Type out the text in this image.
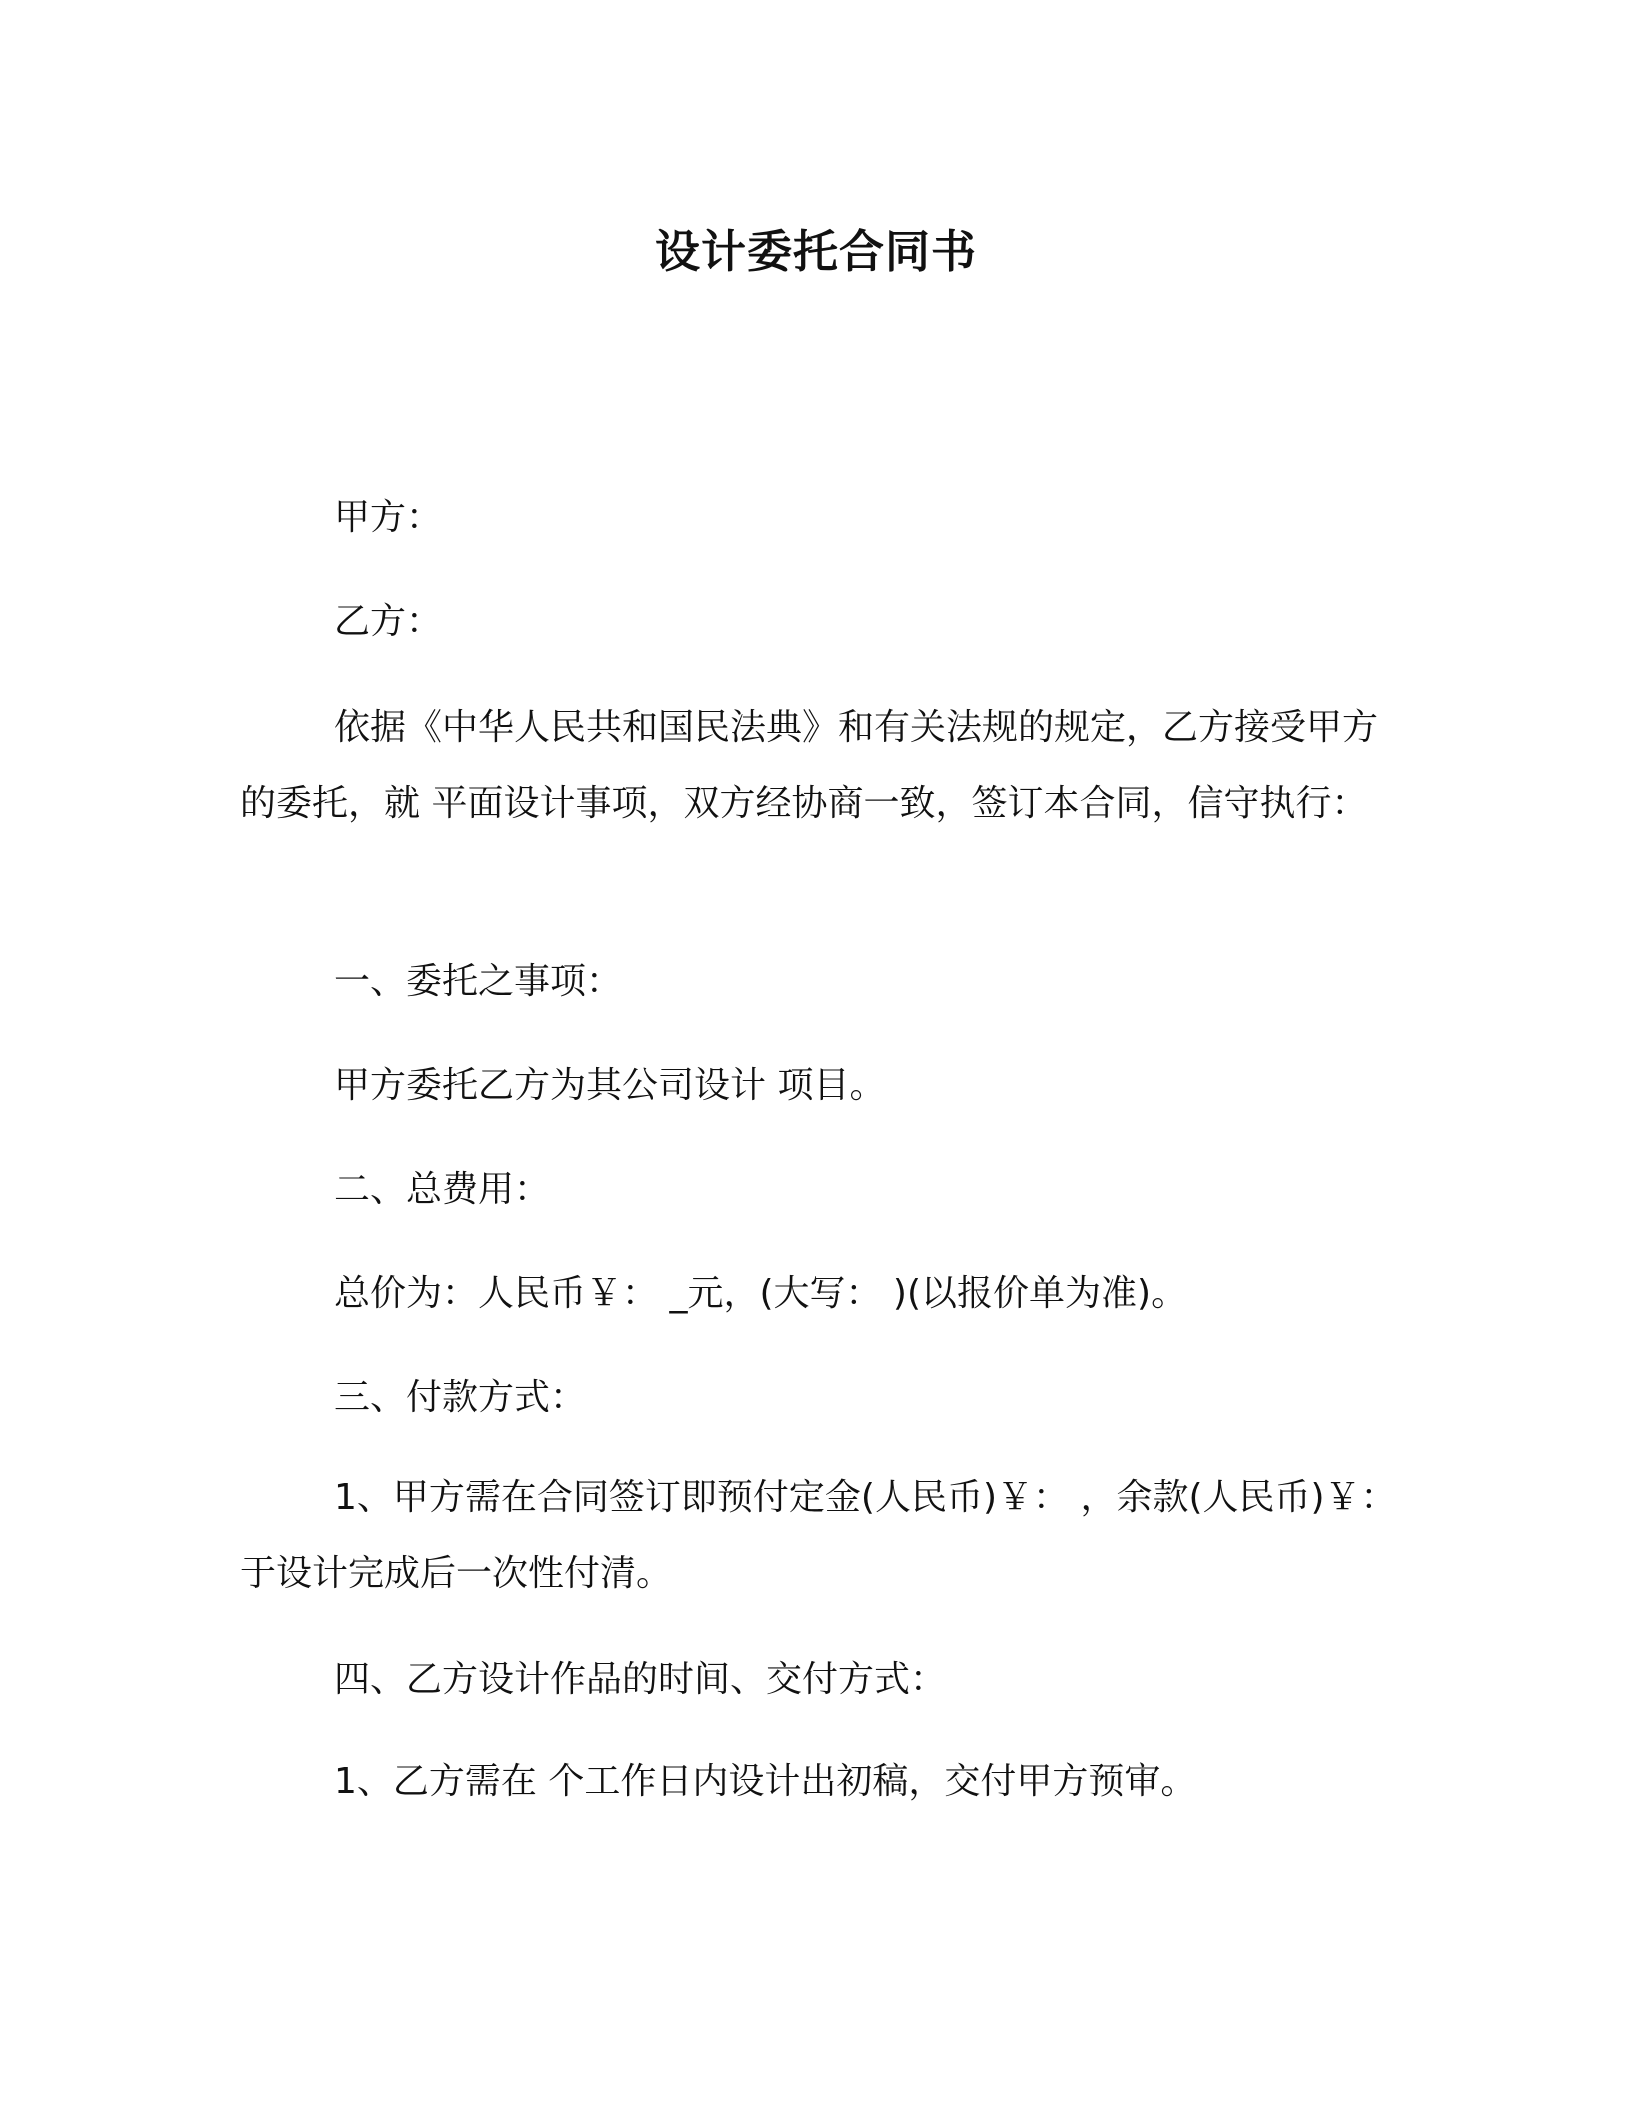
设计委托合同书

甲方：

乙方：

依据《中华人民共和国民法典》和有关法规的规定，乙方接受甲方的委托，就 平面设计事项，双方经协商一致，签订本合同，信守执行：

一、委托之事项：

甲方委托乙方为其公司设计 项目。

二、总费用：

总价为：人民币￥： _元，(大写： )(以报价单为准)。

三、付款方式：

1、甲方需在合同签订即预付定金(人民币)￥： ，余款(人民币)￥：于设计完成后一次性付清。

四、乙方设计作品的时间、交付方式：

1、乙方需在 个工作日内设计出初稿，交付甲方预审。
